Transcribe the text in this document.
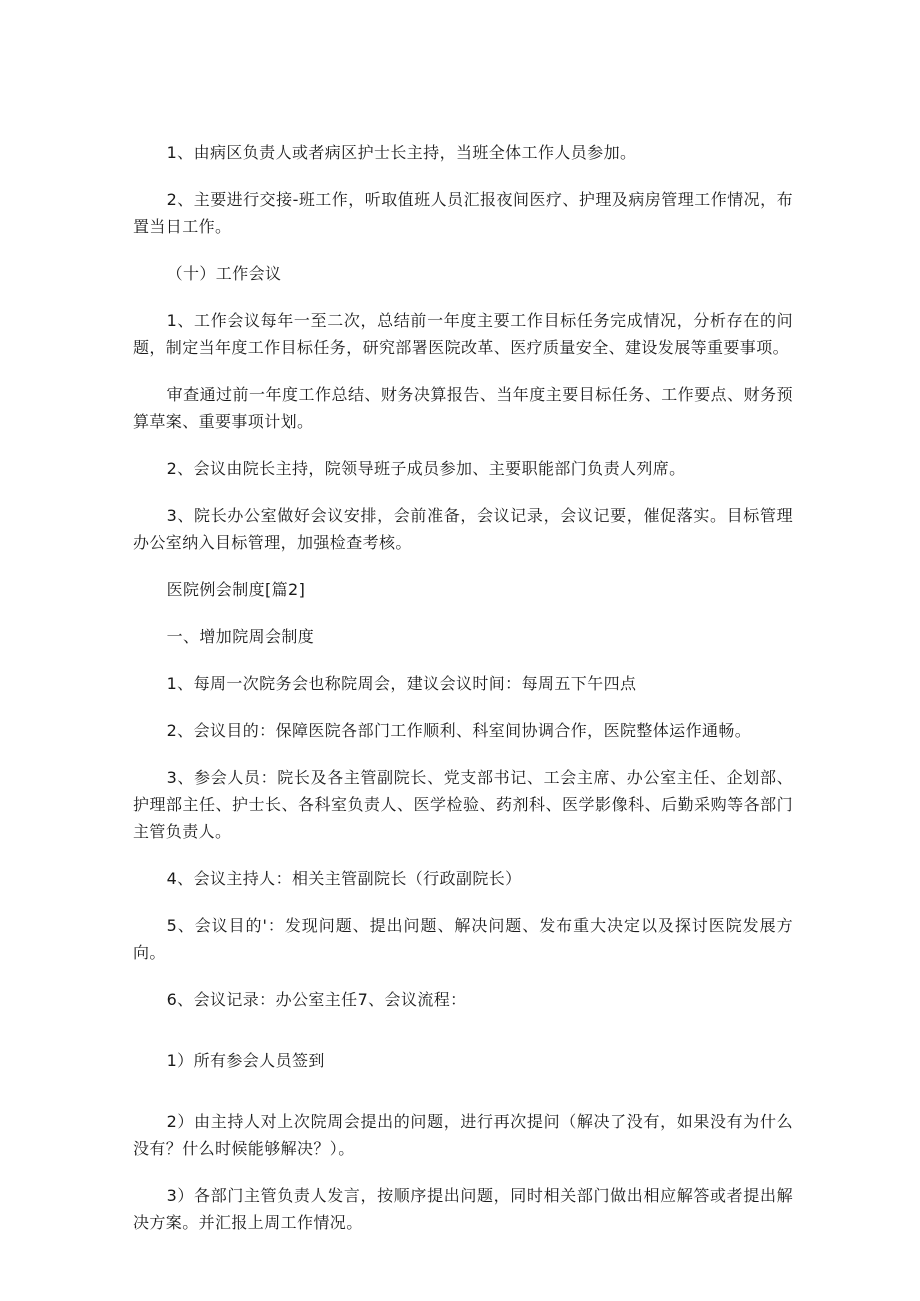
1、由病区负责人或者病区护士长主持，当班全体工作人员参加。

2、主要进行交接-班工作，听取值班人员汇报夜间医疗、护理及病房管理工作情况，布置当日工作。

（十）工作会议

1、工作会议每年一至二次，总结前一年度主要工作目标任务完成情况，分析存在的问题，制定当年度工作目标任务，研究部署医院改革、医疗质量安全、建设发展等重要事项。

审查通过前一年度工作总结、财务决算报告、当年度主要目标任务、工作要点、财务预算草案、重要事项计划。

2、会议由院长主持，院领导班子成员参加、主要职能部门负责人列席。

3、院长办公室做好会议安排，会前准备，会议记录，会议记要，催促落实。目标管理办公室纳入目标管理，加强检查考核。

医院例会制度[篇2]

一、增加院周会制度

1、每周一次院务会也称院周会，建议会议时间：每周五下午四点

2、会议目的：保障医院各部门工作顺利、科室间协调合作，医院整体运作通畅。

3、参会人员：院长及各主管副院长、党支部书记、工会主席、办公室主任、企划部、护理部主任、护士长、各科室负责人、医学检验、药剂科、医学影像科、后勤采购等各部门主管负责人。

4、会议主持人：相关主管副院长（行政副院长）

5、会议目的'：发现问题、提出问题、解决问题、发布重大决定以及探讨医院发展方向。

6、会议记录：办公室主任7、会议流程：

1）所有参会人员签到

2）由主持人对上次院周会提出的问题，进行再次提问（解决了没有，如果没有为什么没有？什么时候能够解决？）。

3）各部门主管负责人发言，按顺序提出问题，同时相关部门做出相应解答或者提出解决方案。并汇报上周工作情况。
